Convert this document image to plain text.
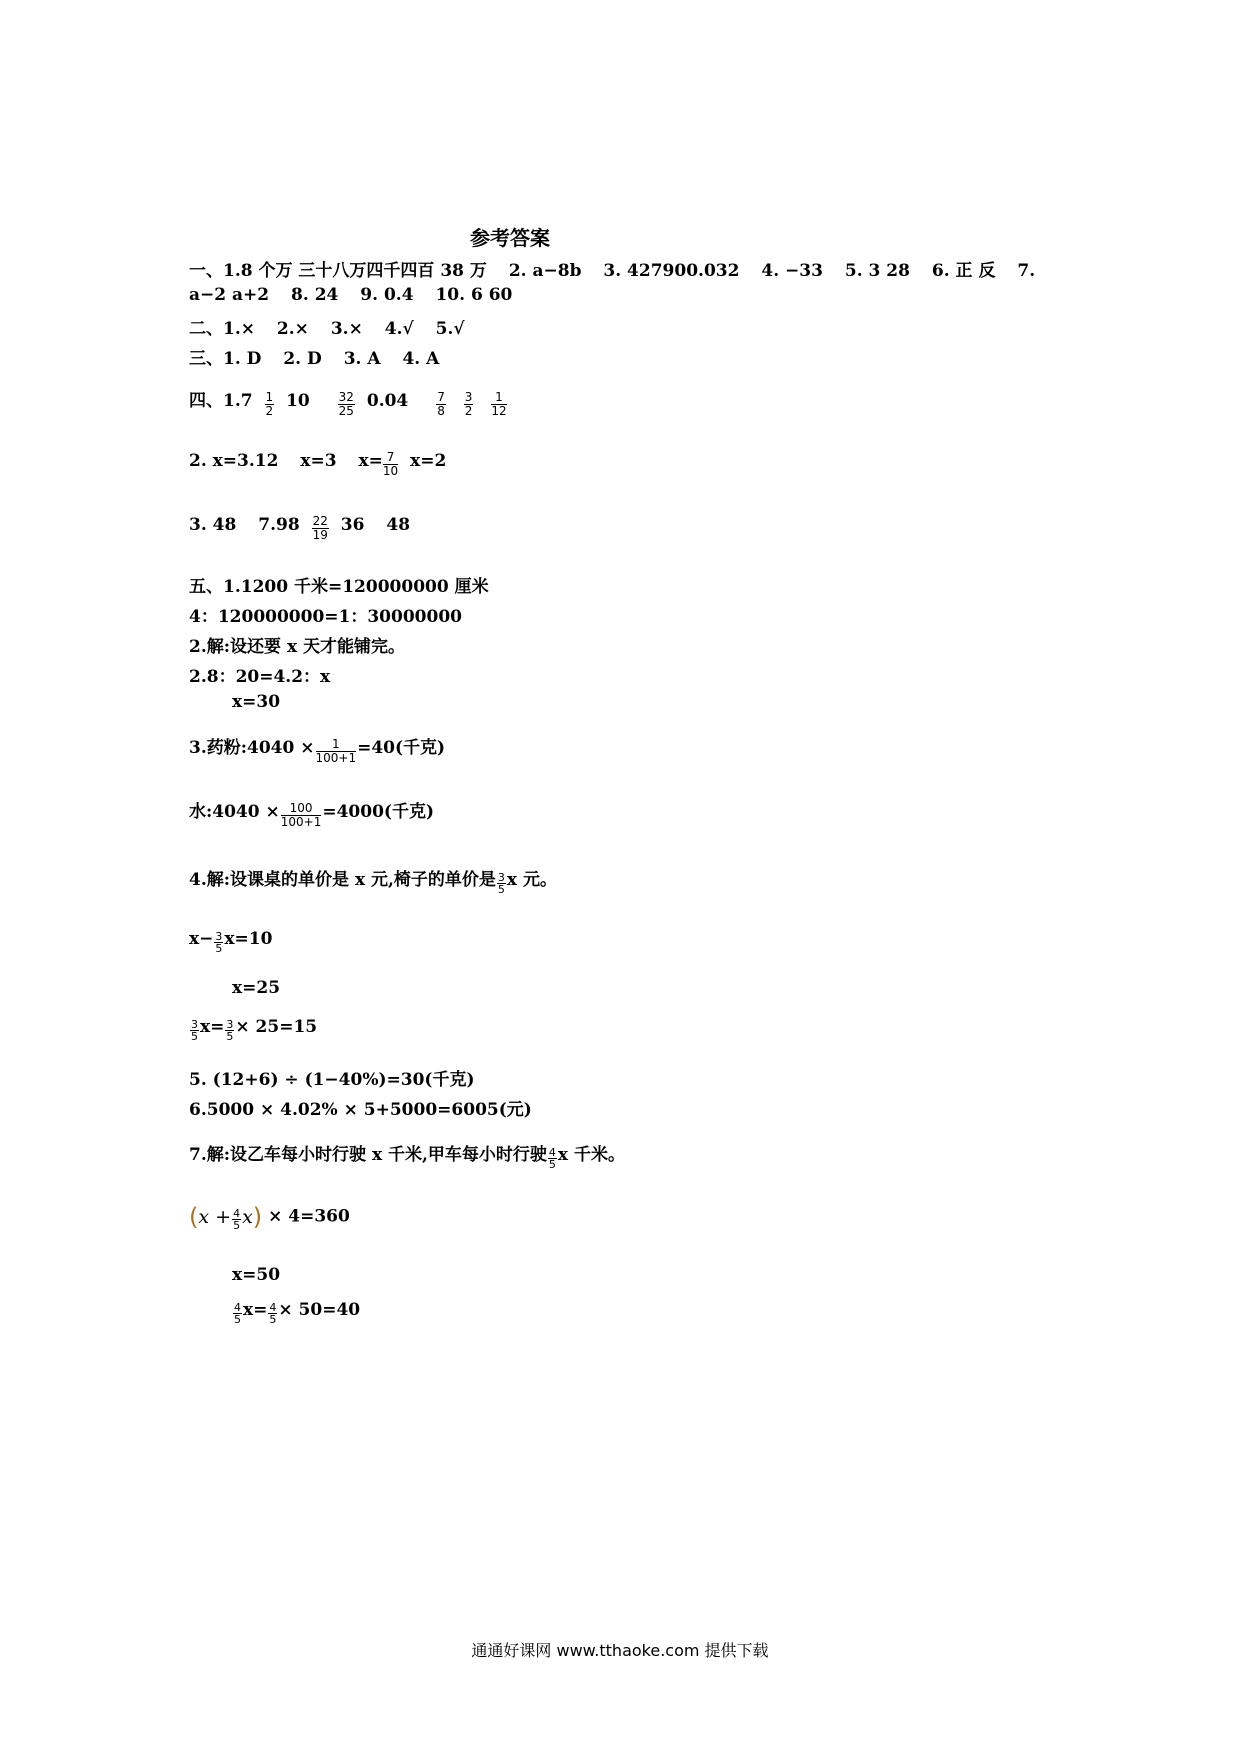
参考答案
一、1.8 个万 三十八万四千四百 38 万 2. a−8b 3. 427900.032 4. −33 5. 3 28 6. 正 反 7.
a−2 a+2 8. 24 9. 0.4 10. 6 60
二、1.× 2.× 3.× 4.√ 5.√
三、1. D 2. D 3. A 4. A
四、$1.7 \frac{1}{2} 10 \frac{32}{25} 0.04 \frac{7}{8}$
$\frac{3}{2}$
$\frac{1}{12}$
2. x=3.12 x=3 $x= \frac{7}{10} x=2$
3. 48 $7.98 \frac{22}{19} 36$ 48
五、1.1200 千米=120000000 厘米
4：120000000=1：30000000
2.解:设还要 x 天才能铺完。
2.8：20=4.2：x
x=30
3.药粉:4040 × $\frac{1}{100+1} =40$(千克)
水:4040 × $\frac{100}{100+1} =4000$(千克)
4.解:设课桌的单价是 x 元,椅子的单价是 $\frac{3}{5}$ x 元。
$x- \frac{3}{5} x=10$
x=25
$\frac{3}{5} x= \frac{3}{5} \times 25=15$
5. (12+6) ÷ (1−40%)=30(千克)
6.5000 × 4.02% × 5+5000=6005(元)
7.解:设乙车每小时行驶 x 千米,甲车每小时行驶 $\frac{4}{5}$ x 千米。
$(x + \frac{4}{5} x) \times 4=360$
x=50
$\frac{4}{5} x= \frac{4}{5} \times 50=40$
通通好课网 www.tthaoke.com 提供下载
